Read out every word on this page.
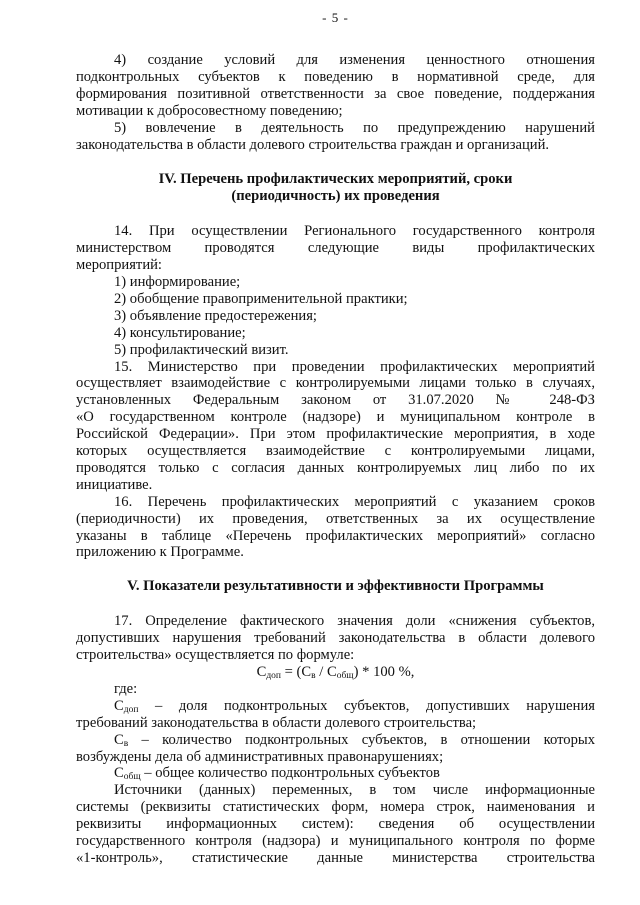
- 5 -

4) создание условий для изменения ценностного отношения

подконтрольных субъектов к поведению в нормативной среде, для

формирования позитивной ответственности за свое поведение, поддержания

мотивации к добросовестному поведению;

5) вовлечение в деятельность по предупреждению нарушений

законодательства в области долевого строительства граждан и организаций.

IV. Перечень профилактических мероприятий, сроки

(периодичность) их проведения

14. При осуществлении Регионального государственного контроля

министерством проводятся следующие виды профилактических

мероприятий:

1) информирование;

2) обобщение правоприменительной практики;

3) объявление предостережения;

4) консультирование;

5) профилактический визит.

15. Министерство при проведении профилактических мероприятий

осуществляет взаимодействие с контролируемыми лицами только в случаях,

установленных Федеральным законом от 31.07.2020 № 248-ФЗ

«О государственном контроле (надзоре) и муниципальном контроле в

Российской Федерации». При этом профилактические мероприятия, в ходе

которых осуществляется взаимодействие с контролируемыми лицами,

проводятся только с согласия данных контролируемых лиц либо по их

инициативе.

16. Перечень профилактических мероприятий с указанием сроков

(периодичности) их проведения, ответственных за их осуществление

указаны в таблице «Перечень профилактических мероприятий» согласно

приложению к Программе.

V. Показатели результативности и эффективности Программы

17. Определение фактического значения доли «снижения субъектов,

допустивших нарушения требований законодательства в области долевого

строительства» осуществляется по формуле:

$С_{доп} = (С_в / С_{общ}) * 100$ %,

где:

$С_{доп}$ – доля подконтрольных субъектов, допустивших нарушения

требований законодательства в области долевого строительства;

$С_в$ – количество подконтрольных субъектов, в отношении которых

возбуждены дела об административных правонарушениях;

$С_{общ}$ – общее количество подконтрольных субъектов

Источники (данных) переменных, в том числе информационные

системы (реквизиты статистических форм, номера строк, наименования и

реквизиты информационных систем): сведения об осуществлении

государственного контроля (надзора) и муниципального контроля по форме

«1-контроль», статистические данные министерства строительства
